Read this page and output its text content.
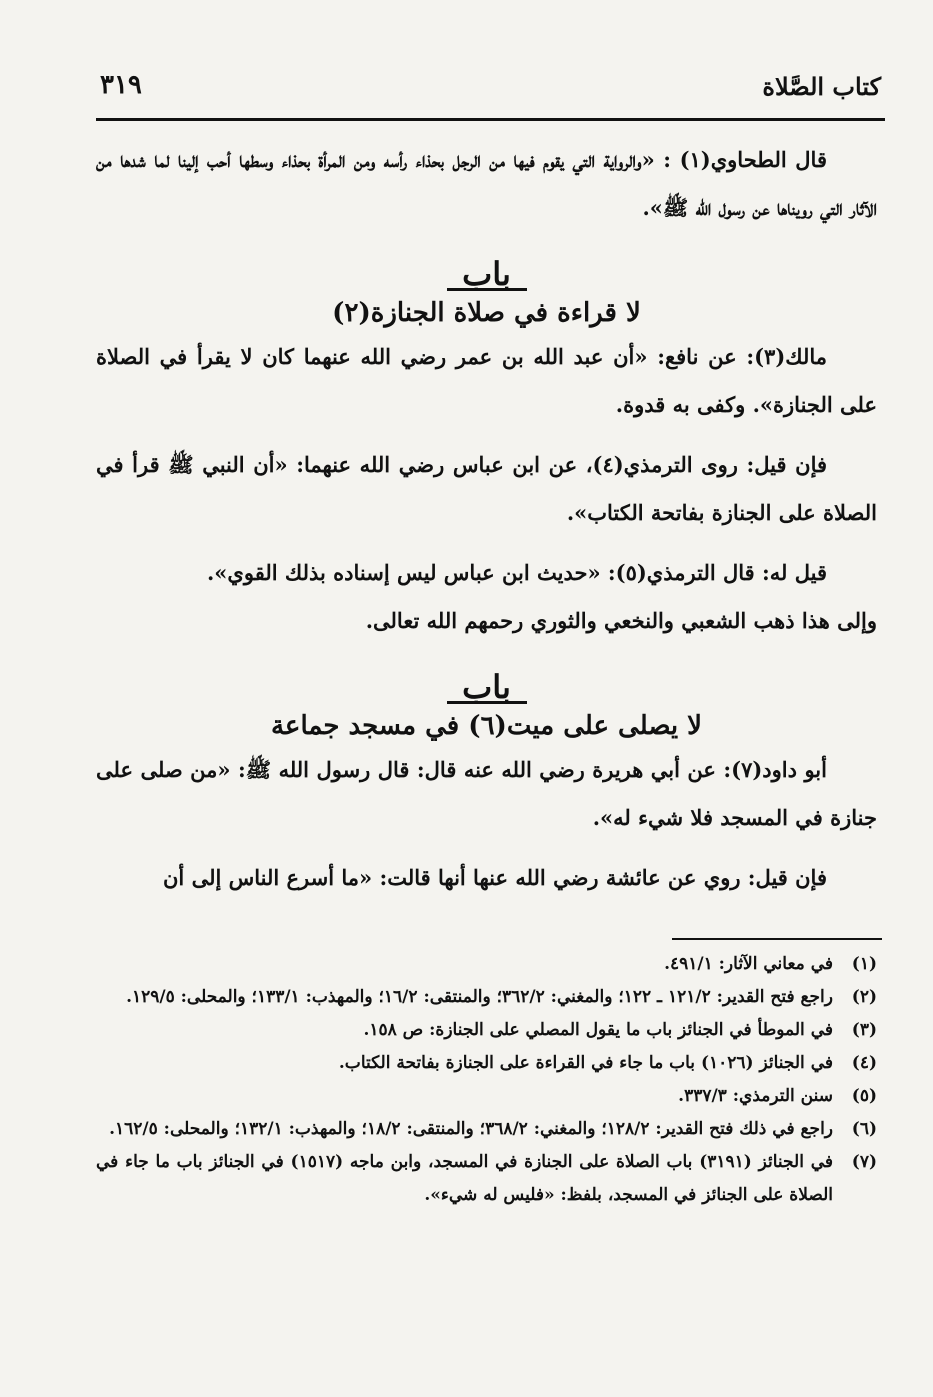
كتاب الصَّلاة
٣١٩

قال الطحاوي(١) : «والرواية التي يقوم فيها من الرجل بحذاء رأسه ومن المرأة بحذاء وسطها أحب إلينا لما شدها من الآثار التي رويناها عن رسول الله ﷺ».

باب

لا قراءة في صلاة الجنازة(٢)

مالك(٣): عن نافع: «أن عبد الله بن عمر رضي الله عنهما كان لا يقرأ في الصلاة على الجنازة». وكفى به قدوة.

فإن قيل: روى الترمذي(٤)، عن ابن عباس رضي الله عنهما: «أن النبي ﷺ قرأ في الصلاة على الجنازة بفاتحة الكتاب».

قيل له: قال الترمذي(٥): «حديث ابن عباس ليس إسناده بذلك القوي».

وإلى هذا ذهب الشعبي والنخعي والثوري رحمهم الله تعالى.

باب

لا يصلى على ميت(٦) في مسجد جماعة

أبو داود(٧): عن أبي هريرة رضي الله عنه قال: قال رسول الله ﷺ: «من صلى على جنازة في المسجد فلا شيء له».

فإن قيل: روي عن عائشة رضي الله عنها أنها قالت: «ما أسرع الناس إلى أن

(١)
في معاني الآثار: ٤٩١/١.
(٢)
راجع فتح القدير: ١٢١/٢ ـ ١٢٢؛ والمغني: ٣٦٢/٢؛ والمنتقى: ١٦/٢؛ والمهذب: ١٣٣/١؛ والمحلى: ١٢٩/٥.
(٣)
في الموطأ في الجنائز باب ما يقول المصلي على الجنازة: ص ١٥٨.
(٤)
في الجنائز (١٠٢٦) باب ما جاء في القراءة على الجنازة بفاتحة الكتاب.
(٥)
سنن الترمذي: ٣٣٧/٣.
(٦)
راجع في ذلك فتح القدير: ١٢٨/٢؛ والمغني: ٣٦٨/٢؛ والمنتقى: ١٨/٢؛ والمهذب: ١٣٢/١؛ والمحلى: ١٦٢/٥.
(٧)
في الجنائز (٣١٩١) باب الصلاة على الجنازة في المسجد، وابن ماجه (١٥١٧) في الجنائز باب ما جاء في الصلاة على الجنائز في المسجد، بلفظ: «فليس له شيء».
